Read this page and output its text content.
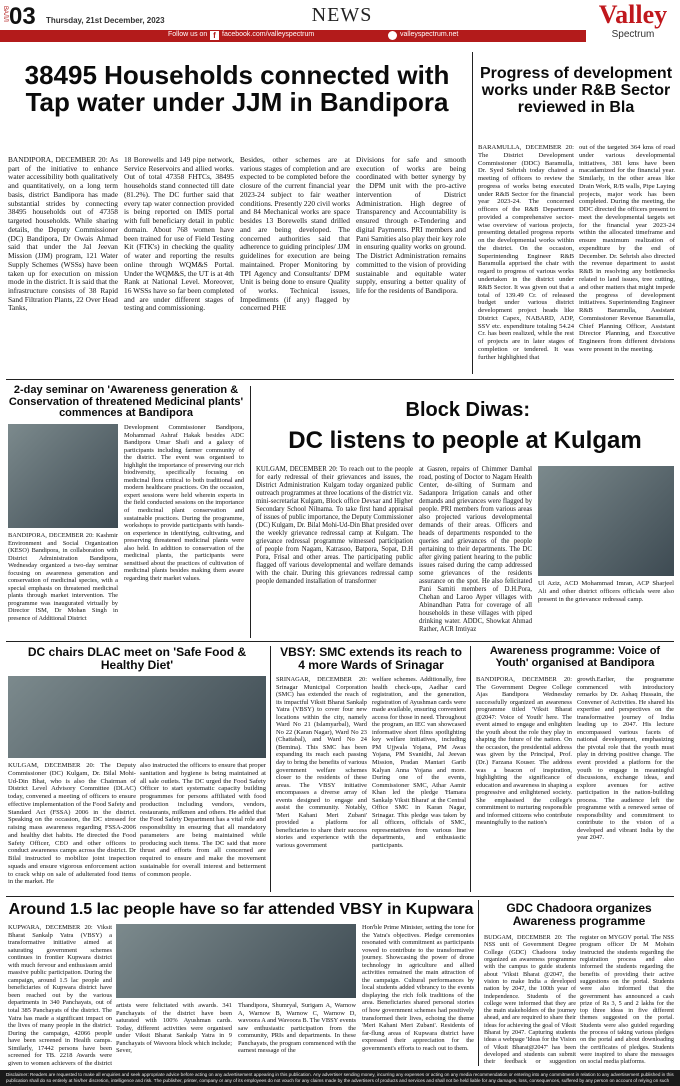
ВАЛЛ 03 Thursday, 21st December, 2023	NEWS	Valley
Spectrum
Follow us on f facebook.com/valleyspectrum	valleyspectrum.net
38495 Households connected with Tap water under JJM in Bandipora
BANDIPORA, DECEMBER 20: As part of the initiative to enhance water accessibility both qualitatively and quantitatively, on a long term basis, district Bandipora has made substantial strides by connecting 38495 households out of 47358 targeted households. While sharing details, the Deputy Commissioner (DC) Bandipora, Dr Owais Ahmad said that under the Jal Jeevan Mission (JJM) program, 121 Water Supply Schemes (WSSs) have been taken up for execution on mission mode in the district. It is said that the infrastructure consists of 38 Rapid Sand Filtration Plants, 22 Over Head Tanks,
18 Borewells and 149 pipe network, Service Reservoirs and allied works. Out of total 47358 FHTCs, 38495 households stand connected till date (81.2%). The DC further said that every tap water connection provided is being reported on IMIS portal with full beneficiary detail in public domain. About 768 women have been trained for use of Field Testing Kit (FTK's) in checking the quality of water and reporting the results online through WQM&S Portal. Under the WQM&S, the UT is at 4th Rank at National Level. Moreover, 16 WSSs have so far been completed and are under different stages of testing and commissioning.
Besides, other schemes are at various stages of completion and are expected to be completed before the closure of the current financial year 2023-24 subject to fair weather conditions. Presently 220 civil works and 84 Mechanical works are space besides 13 Borewells stand drilled and are being developed. The concerned authorities said that adherence to guiding principles/ JJM guidelines for execution are being maintained. Proper Monitoring by TPI Agency and Consultants/ DPM Unit is being done to ensure Quality of works. Technical issues, Impediments (if any) flagged by concerned PHE
Divisions for safe and smooth execution of works are being coordinated with better synergy by the DPM unit with the pro-active intervention of District Administration. High degree of Transparency and Accountability is ensured through e-Tendering and digital Payments. PRI members and Pani Samities also play their key role in ensuring quality works on ground. The District Administration remains committed to the vision of providing sustainable and equitable water supply, ensuring a better quality of life for the residents of Bandipora.
Progress of development works under R&B Sector reviewed in Bla
BARAMULLA, DECEMBER 20: The District Development Commissioner (DDC) Baramulla, Dr. Syed Sehrish today chaired a meeting of officers to review the progress of works being executed under R&B Sector for the financial year 2023-24. The concerned officers of the R&B Department provided a comprehensive sector-wise overview of various projects, presenting detailed progress reports on the developmental works within the district. On the occasion, Superintending Engineer R&B Baramulla apprised the chair with regard to progress of various works undertaken in the district under R&B Sector. It was given out that a total of 139.49 Cr. of released budget under various district development project heads like District Capex, NABARD, ADP, SSV etc. expenditure totaling 54.24 Cr. has been realized, while the rest of projects are in later stages of completion or tendered. It was further highlighted that
out of the targeted 364 kms of road under various developmental initiatives, 381 kms have been macadamized for the financial year. Similarly, in the other areas like Drain Work, R/B walls, Pipe Laying projects, major work has been completed. During the meeting, the DDC directed the officers present to meet the developmental targets set for the financial year 2023-24 within the allocated timeframe and ensure maximum realization of expenditure by the end of December. Dr. Sehrish also directed the revenue department to assist R&B in resolving any bottlenecks related to land issues, tree cutting, and other matters that might impede the progress of development initiatives. Superintending Engineer R&B Baramulla, Assistant Commissioner Revenue Baramulla, Chief Planning Officer, Assistant Director Planning, and Executive Engineers from different divisions were present in the meeting.
2-day seminar on 'Awareness generation & Conservation of threatened Medicinal plants' commences at Bandipora
BANDIPORA, DECEMBER 20: Kashmir Environment and Social Organization (KESO) Bandipora, in collaboration with District Administration Bandipora, Wednesday organized a two-day seminar focusing on awareness generation and conservation of medicinal species, with a special emphasis on threatened medicinal plants through market intervention. The programme was inaugurated virtually by Director ISM, Dr Mohan Singh in presence of Additional District
Development Commissioner Bandipora, Mohammad Ashraf Hakak besides ADC Bandipora Umar Shafi and a galaxy of participants including farmer community of the district. The event was organised to highlight the importance of preserving our rich biodiversity, specifically focusing on medicinal flora critical to both traditional and modern healthcare practices. On the occasion, expert sessions were held wherein experts in the field conducted sessions on the importance of medicinal plant conservation and sustainable practices. During the programme, workshops to provide participants with hands-on experience in identifying, cultivating, and preserving threatened medicinal plants were also held. In addition to conservation of the medicinal plants, the participants were sensitised about the practices of cultivation of medicinal plants besides making them aware regarding their market values.
Block Diwas:
DC listens to people at Kulgam
KULGAM, DECEMBER 20: To reach out to the people for early redressal of their grievances and issues, the District Administration Kulgam today organized public outreach programmes at three locations of the district viz. mini-secretariat Kulgam, Block office Devsar and Higher Secondary School Nilnama. To take first hand appraisal of issues of public importance, the Deputy Commissioner (DC) Kulgam, Dr. Bilal Mohi-Ud-Din Bhat presided over the weekly grievance redressal camp at Kulgam. The grievance redressal programme witnessed participation of people from Nagam, Katrasoo, Batpora, Sopat, D.H Pora, Frisal and other areas. The participating public flagged off various developmental and welfare demands with the chair. During this grievances redressal camp people demanded installation of transformer
at Gasren, repairs of Chimmer Damhal road, posting of Doctor to Nagam Health Center, de-silting of Surmam and Sadanpora Irrigation canals and other demands and grievances were flagged by people. PRI members from various areas also projected various developmental demands of their areas. Officers and heads of departments responded to the queries and grievances of the people pertaining to their departments. The DC after giving patient hearing to the public issues raised during the camp addressed some grievances of the residents assurance on the spot. He also felicitated Pani Samiti members of D.H.Pora, Chehan and Laroo Ayper villages with Abinandhan Patra for coverage of all households in these villages with piped drinking water. ADDC, Showkat Ahmad Rather, ACR Imtiyaz
Ul Aziz, ACD Mohammad Imran, ACP Sharjeel Ali and other district officers officials were also present in the grievance redressal camp.
DC chairs DLAC meet on 'Safe Food & Healthy Diet'
KULGAM, DECEMBER 20: The Deputy Commissioner (DC) Kulgam, Dr. Bilal Mohi-Ud-Din Bhat, who is also the Chairman of District Level Advisory Committee (DLAC) today, convened a meeting of officers to ensure effective implementation of the Food Safety and Standard Act (FSSA) 2006 in the district. Speaking on the occasion, the DC stressed for raising mass awareness regarding FSSA-2006 and healthy diet habits. He directed the Food Safety Officer, CEO and other officers to conduct awareness camps across the district. Dr Bilal instructed to mobilize joint inspection squads and ensure vigorous enforcement action to crack whip on sale of adulterated food items in the market. He
also instructed the officers to ensure that proper sanitation and hygiene is being maintained at all sale outlets. The DC urged the Food Safety Officer to start systematic capacity building programmes for persons affiliated with food production including vendors, vendors, restaurants, milkmen and others. He added that the Food Safety Department has a vital role and responsibility in ensuring that all mandatory parameters are being maintained while producing such items. The DC said that more thrust and efforts from all concerned are required to ensure and make the movement sustainable for overall interest and betterment of common people.
VBSY: SMC extends its reach to 4 more Wards of Srinagar
SRINAGAR, DECEMBER 20: Srinagar Municipal Corporation (SMC) has extended the reach of its impactful Viksit Bharat Sankalp Yatra (VBSY) to cover four new locations within the city, namely Ward No 21 (Islamyarbal), Ward No 22 (Karan Nagar), Ward No 23 (Chattabal), and Ward No 24 (Bemina). This SMC has been expanding its reach each passing day to bring the benefits of various government welfare schemes closer to the residents of these areas. The VBSY initiative encompasses a diverse array of events designed to engage and assist the community. Notably, 'Meri Kahani Meri Zubani' provided a platform for beneficiaries to share their success stories and experience with the various government
welfare schemes. Additionally, free health check-ups, Aadhar card registration, and the generation, registration of Ayushman cards were made available, ensuring convenient access for those in need. Throughout the program, an IEC van showcased informative short films spotlighting key welfare initiatives, including PM Ujjwala Yojana, PM Awas Yojana, PM Svanidhi, Jal Jeevan Mission, Pradan Mantari Garib Kalyan Anna Yojana and more. During one of the events, Commissioner SMC, Athar Aamir Khan led the pledge 'Hamara Sankalp Viksit Bharat' at the Central Office SMC in Karan Nagar, Srinagar. This pledge was taken by all officers, officials of SMC, representatives from various line departments, and enthusiastic participants.
Awareness programme: Voice of Youth' organised at Bandipora
BANDIPORA, DECEMBER 20: The Government Degree College Ajas Bandipora Wednesday successfully organized an awareness programme titled 'Viksit Bharat @2047: Voice of Youth' here. The event aimed to engage and enlighten the youth about the role they play in shaping the future of the nation. On the occasion, the presidential address was given by the Principal, Prof. (Dr.) Farzana Kouser. The address was a beacon of inspiration, highlighting the significance of education and awareness in shaping a progressive and enlightened society. She emphasised the college's commitment to nurturing responsible and informed citizens who contribute meaningfully to the nation's
growth.Earlier, the programme commenced with introductory remarks by Dr. Ashaq Hussain, the Convener of Activities. He shared his expertise and perspectives on the transformative journey of India leading up to 2047. His lecture encompassed various facets of national development, emphasizing the pivotal role that the youth must play in driving positive change. The event provided a platform for the youth to engage in meaningful discussions, exchange ideas, and explore avenues for active participation in the nation-building process. The audience left the programme with a renewed sense of responsibility and commitment to contribute to the vision of a developed and vibrant India by the year 2047.
Around 1.5 lac people have so far attended VBSY in Kupwara
KUPWARA, DECEMBER 20: Viksit Bharat Sankalp Yatra (VBSY) a transformative initiative aimed at saturating government schemes continues in frontier Kupwara district with much fervour and enthusiasm amid massive public participation. During the campaign, around 1.5 lac people and beneficiaries of Kupwara district have been reached out by the various departments in 340 Panchayats, out of total 385 Panchayats of the district. The Yatra has made a significant impact on the lives of many people in the district. During the campaign, 42066 people have been screened in Health camps. Similarly, 17442 persons have been screened for TB. 2218 Awards were given to women achievers of the district
artists were felicitated with awards. 341 Panchayats of the district have been saturated with 100% Ayushman cards. Today, different activities were organised under Viksit Bharat Sankalp Yatra in 9 Panchayats of Wavoora block which include; Sever,
Thandipora, Shumryal, Surigam A, Warnow A, Warnow B, Warnow C, Warnow D, wavoora A and Wavoora B. The VBSY events saw enthusiastic participation from the community, PRIs and departments. In these Panchayats, the program commenced with the earnest message of the
Hon'ble Prime Minister, setting the tone for the Yatra's objectives. Pledge ceremonies resonated with commitment as participants vowed to contribute to the transformative journey. Showcasing the power of drone technology in agriculture and allied activities remained the main attraction of the campaign. Cultural performances by local students added vibrancy to the events displaying the rich folk traditions of the area. Beneficiaries shared personal stories of how government schemes had positively transformed their lives, echoing the theme 'Meri Kahani Meri Zubani'. Residents of far-flung areas of Kupwara district have expressed their appreciation for the government's efforts to reach out to them.
GDC Chadoora organizes Awareness programme
BUDGAM, DECEMBER 20: The NSS unit of Government Degree College (GDC) Chadoora today organized an awareness programme with the campus to guide students about 'Viksit Bharat @2047, the vision to make India a developed nation by 2047, the 100th year of independence. Students of the college were informed that they are the main stakeholders of the journey ahead, and are required to share their ideas for achieving the goal of Viksit Bharat by 2047. Capturing students ideas a webpage 'Ideas for the Vision of Viksit Bharat@2047' has been developed and students can submit their feedback or suggestion
register on MYGOV portal. The NSS program officer Dr M Mohsin instructed the students regarding the registration process and also informed the students regarding the benefits of providing their active suggestions on the portal. Students were also informed that the government has announced a cash prize of Rs 3, 5 and 2 lakhs for the top three ideas in five different themes suggested on the portal. Students were also guided regarding the process of taking various pledges on the portal and about downloading the certificates of pledges. Students were inspired to share the messages on social media platforms.
Disclaimer: Readers are requested to make all enquiries and seek appropriate advice before acting on any advertisement appearing in this publication. Any advertiser sending money, incurring any expenses or acting on any media recommendation or entering into any commitment in relation to any advertisement published in this publication shall do so entirely at his/her discretion, intelligence and risk. The publisher, printer, company or any of its employees do not vouch for any claims made by the advertisers of products and services and shall not be held liable for any damages, loss, consequences, suffered by any person on account of relying on such
